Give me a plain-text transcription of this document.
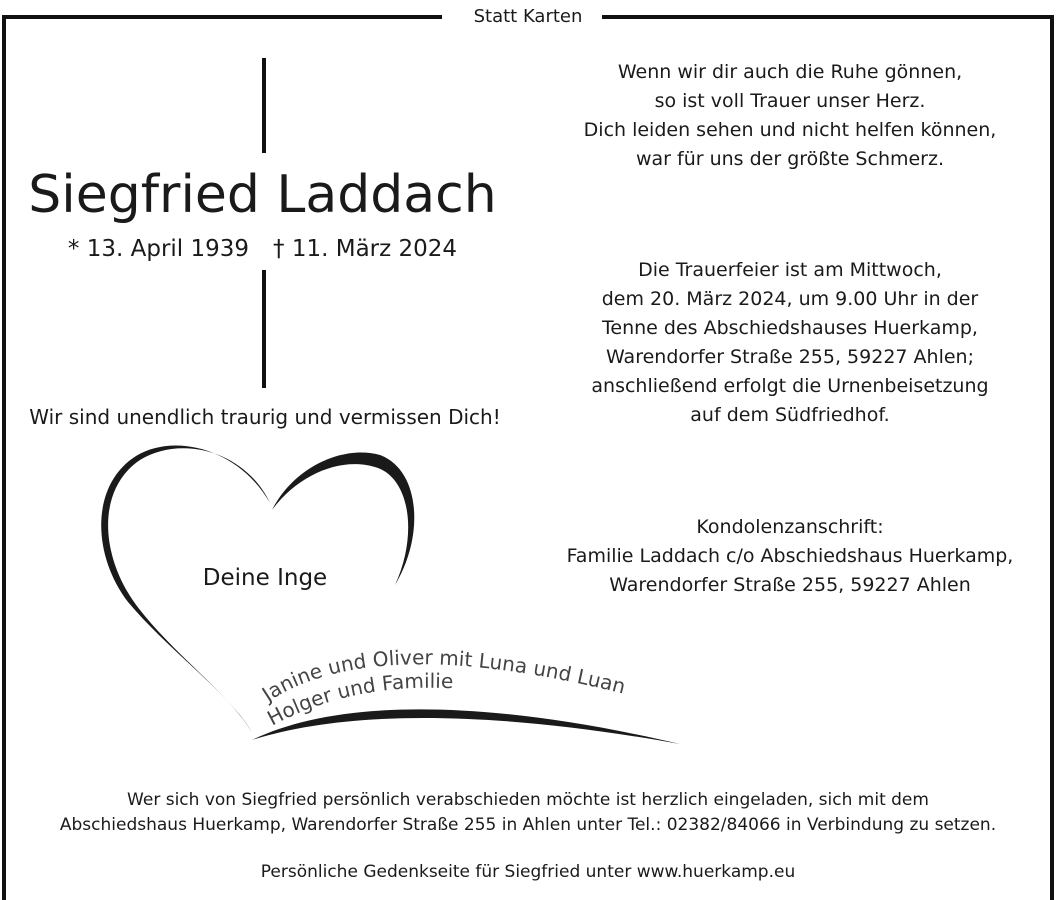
Statt Karten
Siegfried Laddach
* 13. April 1939 † 11. März 2024
Wir sind unendlich traurig und vermissen Dich!
Wenn wir dir auch die Ruhe gönnen,
so ist voll Trauer unser Herz.
Dich leiden sehen und nicht helfen können,
war für uns der größte Schmerz.
Die Trauerfeier ist am Mittwoch,
dem 20. März 2024, um 9.00 Uhr in der
Tenne des Abschiedshauses Huerkamp,
Warendorfer Straße 255, 59227 Ahlen;
anschließend erfolgt die Urnenbeisetzung
auf dem Südfriedhof.
Kondolenzanschrift:
Familie Laddach c/o Abschiedshaus Huerkamp,
Warendorfer Straße 255, 59227 Ahlen
Janine und Oliver mit Luna und Luan
Holger und Familie
Deine Inge
Wer sich von Siegfried persönlich verabschieden möchte ist herzlich eingeladen, sich mit dem
Abschiedshaus Huerkamp, Warendorfer Straße 255 in Ahlen unter Tel.: 02382/84066 in Verbindung zu setzen.
Persönliche Gedenkseite für Siegfried unter www.huerkamp.eu
